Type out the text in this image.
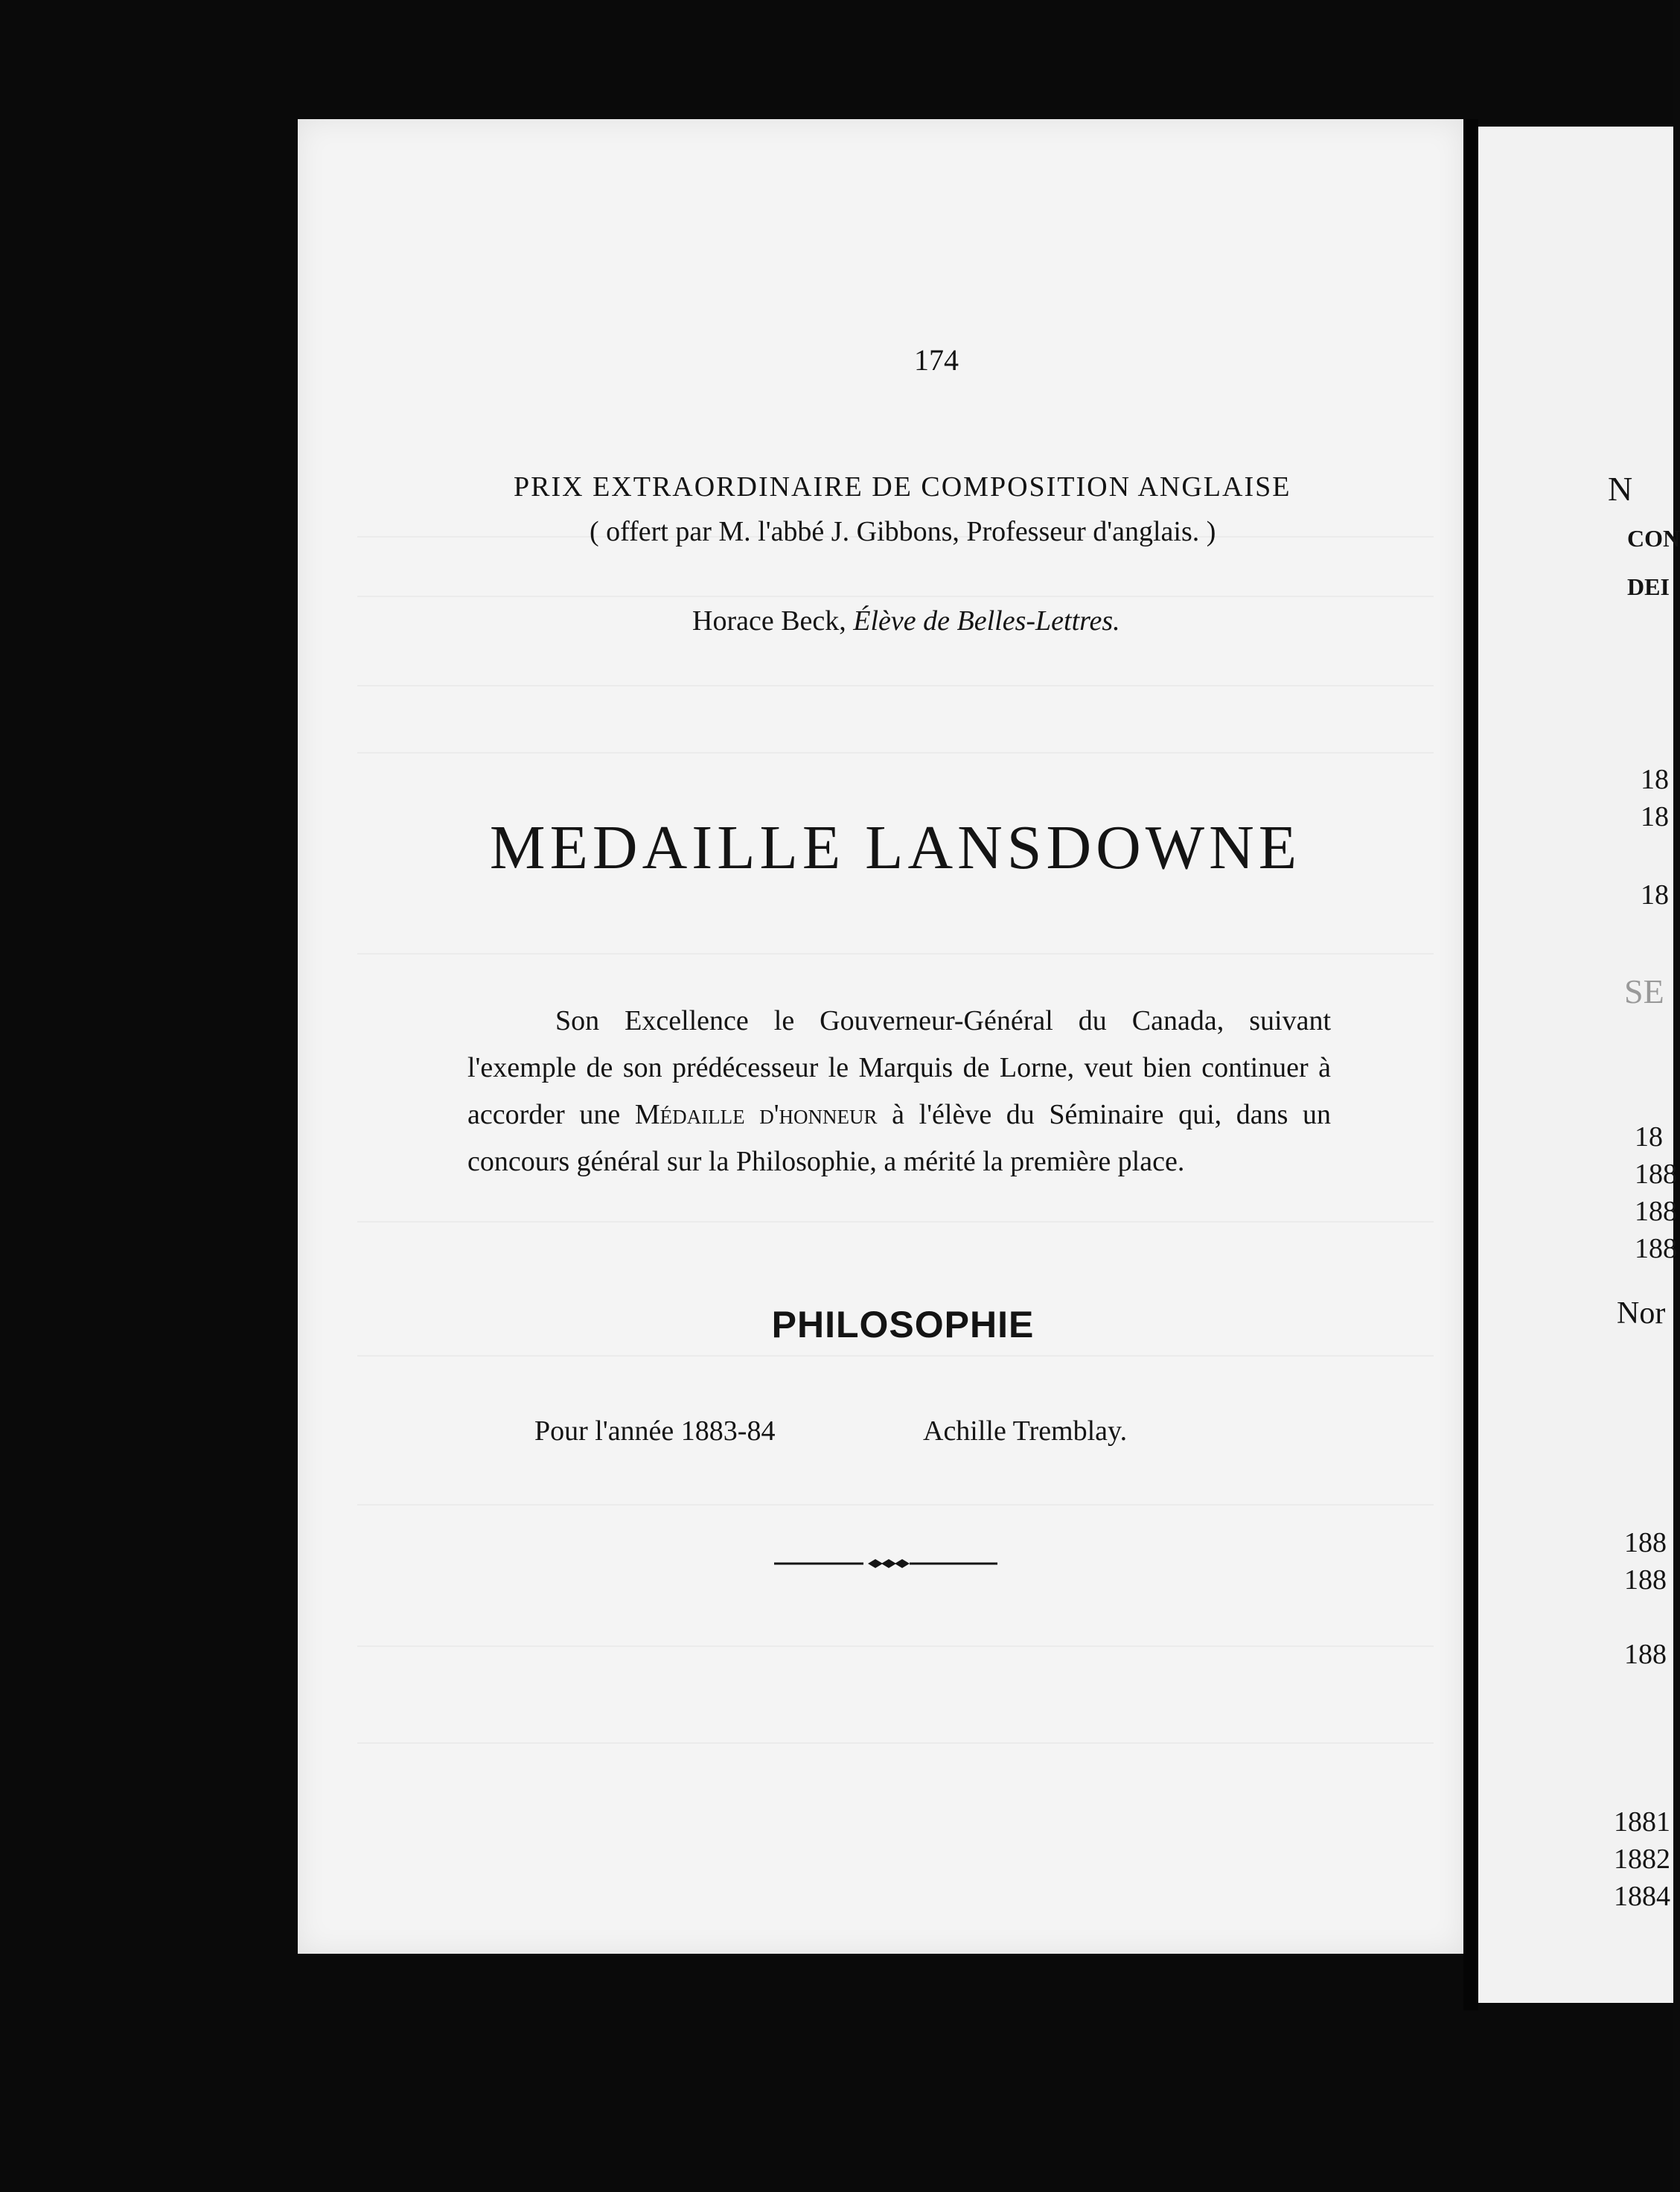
174
PRIX EXTRAORDINAIRE DE COMPOSITION ANGLAISE
( offert par M. l'abbé J. Gibbons, Professeur d'anglais. )
Horace Beck, Élève de Belles-Lettres.
MEDAILLE LANSDOWNE
Son Excellence le Gouverneur-Général du Canada, suivant l'exemple de son prédécesseur le Marquis de Lorne, veut bien continuer à accorder une Médaille d'honneur à l'élève du Séminaire qui, dans un concours général sur la Philosophie, a mérité la première place.
PHILOSOPHIE
Pour l'année 1883-84	Achille Tremblay.
N
CON
DEI
18
18
18
SE
18
188
188
188
Nor
188
188
188
1881
1882
1884
